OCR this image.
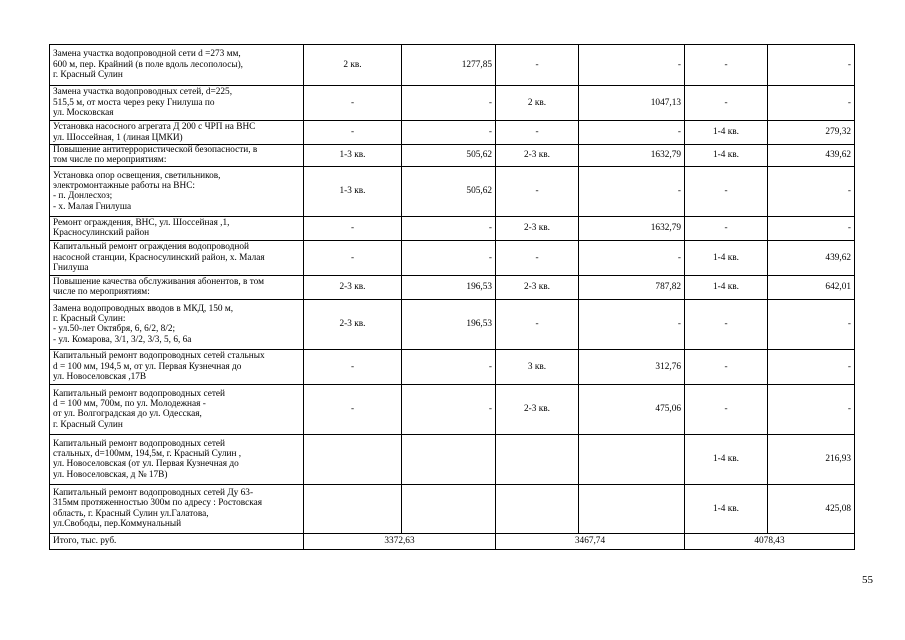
Замена участка водопроводной сети d =273 мм,
600 м, пер. Крайний (в поле вдоль лесополосы),
г. Красный Сулин	2 кв.	1277,85	-	-	-	-
Замена участка водопроводных сетей, d=225,
515,5 м, от моста через реку Гнилуша по
ул. Московская	-	-	2 кв.	1047,13	-	-
Установка насосного агрегата Д 200 с ЧРП на ВНС
ул. Шоссейная, 1 (линая ЦМКИ)	-	-	-	-	1-4 кв.	279,32
Повышение антитеррористической безопасности, в
том числе по мероприятиям:	1-3 кв.	505,62	2-3 кв.	1632,79	1-4 кв.	439,62
Установка опор освещения, светильников,
электромонтажные работы на ВНС:
- п. Донлесхоз;
- х. Малая Гнилуша	1-3 кв.	505,62	-	-	-	-
Ремонт ограждения, ВНС, ул. Шоссейная ,1,
Красносулинский район	-	-	2-3 кв.	1632,79	-	-
Капитальный ремонт ограждения водопроводной
насосной станции, Красносулинский район, х. Малая
Гнилуша	-	-	-	-	1-4 кв.	439,62
Повышение качества обслуживания абонентов, в том
числе по мероприятиям:	2-3 кв.	196,53	2-3 кв.	787,82	1-4 кв.	642,01
Замена водопроводных вводов в МКД, 150 м,
г. Красный Сулин:
- ул.50-лет Октября, 6, 6/2, 8/2;
- ул. Комарова, 3/1, 3/2, 3/3, 5, 6, 6а	2-3 кв.	196,53	-	-	-	-
Капитальный ремонт водопроводных сетей стальных
d = 100 мм, 194,5 м, от ул. Первая Кузнечная до
ул. Новоселовская ,17В	-	-	3 кв.	312,76	-	-
Капитальный ремонт водопроводных сетей
d = 100 мм, 700м, по ул. Молодежная -
от ул. Волгоградская до ул. Одесская,
г. Красный Сулин	-	-	2-3 кв.	475,06	-	-
Капитальный ремонт водопроводных сетей
стальных, d=100мм, 194,5м, г. Красный Сулин ,
ул. Новоселовская (от ул. Первая Кузнечная до
ул. Новоселовская, д № 17В)					1-4 кв.	216,93
Капитальный ремонт водопроводных сетей Ду 63-
315мм протяженностью 300м по адресу : Ростовская
область, г. Красный Сулин ул.Галатова,
ул.Свободы, пер.Коммунальный					1-4 кв.	425,08
Итого, тыс. руб.	3372,63		3467,74		4078,43	
55
